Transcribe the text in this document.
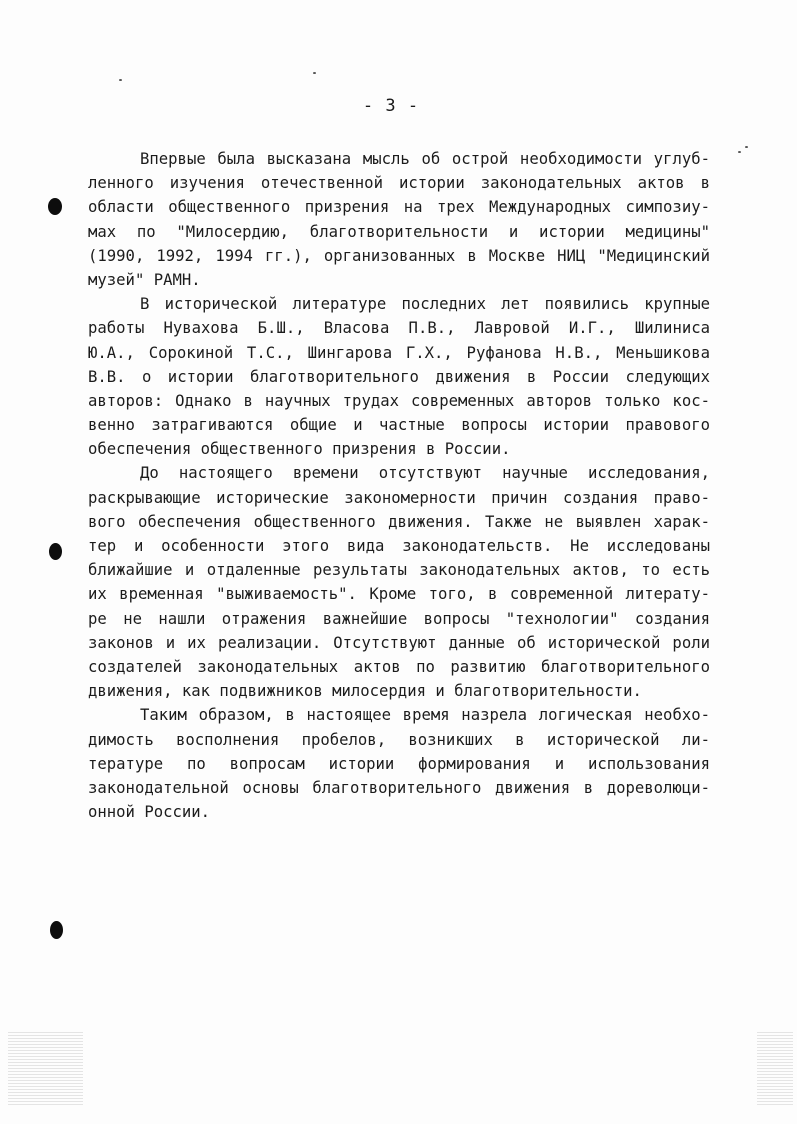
- 3 -
Впервые была высказана мысль об острой необходимости углуб-
ленного изучения отечественной истории законодательных актов в
области общественного призрения на трех Международных симпозиу-
мах по "Милосердию, благотворительности и истории медицины"
(1990, 1992, 1994 гг.), организованных в Москве НИЦ "Медицинский
музей" РАМН.
В исторической литературе последних лет появились крупные
работы Нувахова Б.Ш., Власова П.В., Лавровой И.Г., Шилиниса
Ю.А., Сорокиной Т.С., Шингарова Г.Х., Руфанова Н.В., Меньшикова
В.В. о истории благотворительного движения в России следующих
авторов: Однако в научных трудах современных авторов только кос-
венно затрагиваются общие и частные вопросы истории правового
обеспечения общественного призрения в России.
До настоящего времени отсутствуют научные исследования,
раскрывающие исторические закономерности причин создания право-
вого обеспечения общественного движения. Также не выявлен харак-
тер и особенности этого вида законодательств. Не исследованы
ближайшие и отдаленные результаты законодательных актов, то есть
их временная "выживаемость". Кроме того, в современной литерату-
ре не нашли отражения важнейшие вопросы "технологии" создания
законов и их реализации. Отсутствуют данные об исторической роли
создателей законодательных актов по развитию благотворительного
движения, как подвижников милосердия и благотворительности.
Таким образом, в настоящее время назрела логическая необхо-
димость восполнения пробелов, возникших в исторической ли-
тературе по вопросам истории формирования и использования
законодательной основы благотворительного движения в дореволюци-
онной России.
